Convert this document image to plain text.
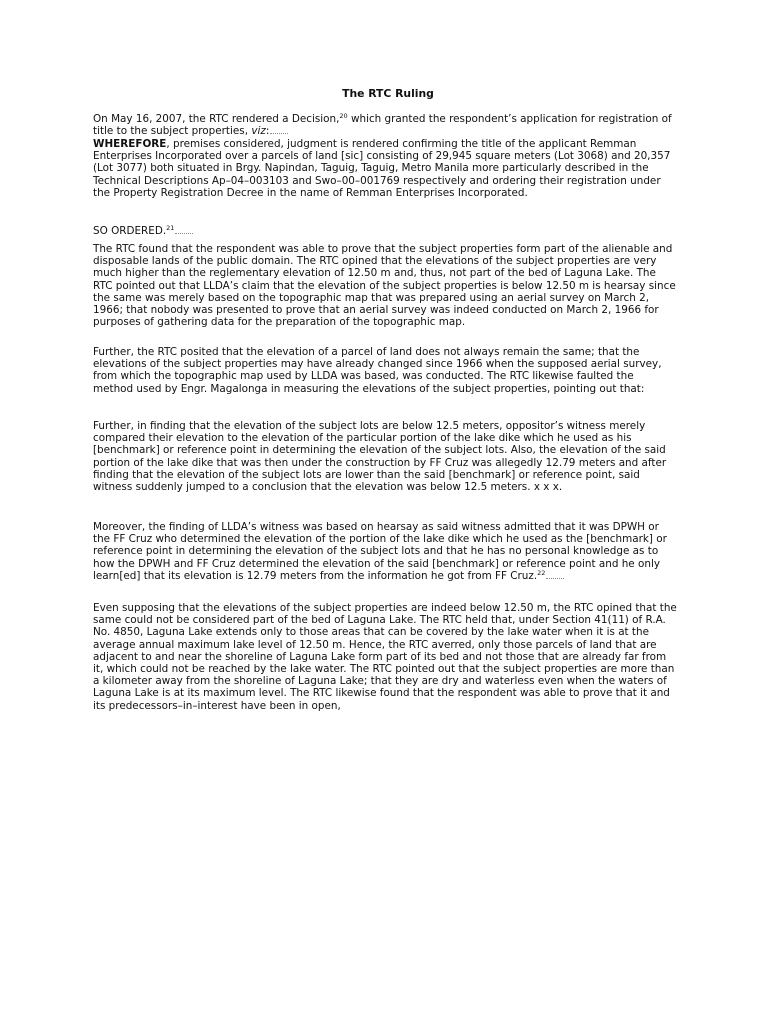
The RTC Ruling

On May 16, 2007, the RTC rendered a Decision,$^{20}$ which granted the respondent’s application for registration of title to the subject properties, viz:

WHEREFORE, premises considered, judgment is rendered confirming the title of the applicant Remman Enterprises Incorporated over a parcels of land [sic] consisting of 29,945 square meters (Lot 3068) and 20,357 (Lot 3077) both situated in Brgy. Napindan, Taguig, Taguig, Metro Manila more particularly described in the Technical Descriptions Ap–04–003103 and Swo–00–001769 respectively and ordering their registration under the Property Registration Decree in the name of Remman Enterprises Incorporated.

SO ORDERED.$^{21}$

The RTC found that the respondent was able to prove that the subject properties form part of the alienable and disposable lands of the public domain. The RTC opined that the elevations of the subject properties are very much higher than the reglementary elevation of 12.50 m and, thus, not part of the bed of Laguna Lake. The RTC pointed out that LLDA’s claim that the elevation of the subject properties is below 12.50 m is hearsay since the same was merely based on the topographic map that was prepared using an aerial survey on March 2, 1966; that nobody was presented to prove that an aerial survey was indeed conducted on March 2, 1966 for purposes of gathering data for the preparation of the topographic map.

Further, the RTC posited that the elevation of a parcel of land does not always remain the same; that the elevations of the subject properties may have already changed since 1966 when the supposed aerial survey, from which the topographic map used by LLDA was based, was conducted. The RTC likewise faulted the method used by Engr. Magalonga in measuring the elevations of the subject properties, pointing out that:

Further, in finding that the elevation of the subject lots are below 12.5 meters, oppositor’s witness merely compared their elevation to the elevation of the particular portion of the lake dike which he used as his [benchmark] or reference point in determining the elevation of the subject lots. Also, the elevation of the said portion of the lake dike that was then under the construction by FF Cruz was allegedly 12.79 meters and after finding that the elevation of the subject lots are lower than the said [benchmark] or reference point, said witness suddenly jumped to a conclusion that the elevation was below 12.5 meters. x x x.

Moreover, the finding of LLDA’s witness was based on hearsay as said witness admitted that it was DPWH or the FF Cruz who determined the elevation of the portion of the lake dike which he used as the [benchmark] or reference point in determining the elevation of the subject lots and that he has no personal knowledge as to how the DPWH and FF Cruz determined the elevation of the said [benchmark] or reference point and he only learn[ed] that its elevation is 12.79 meters from the information he got from FF Cruz.$^{22}$

Even supposing that the elevations of the subject properties are indeed below 12.50 m, the RTC opined that the same could not be considered part of the bed of Laguna Lake. The RTC held that, under Section 41(11) of R.A. No. 4850, Laguna Lake extends only to those areas that can be covered by the lake water when it is at the average annual maximum lake level of 12.50 m. Hence, the RTC averred, only those parcels of land that are adjacent to and near the shoreline of Laguna Lake form part of its bed and not those that are already far from it, which could not be reached by the lake water. The RTC pointed out that the subject properties are more than a kilometer away from the shoreline of Laguna Lake; that they are dry and waterless even when the waters of Laguna Lake is at its maximum level. The RTC likewise found that the respondent was able to prove that it and its predecessors–in–interest have been in open,
